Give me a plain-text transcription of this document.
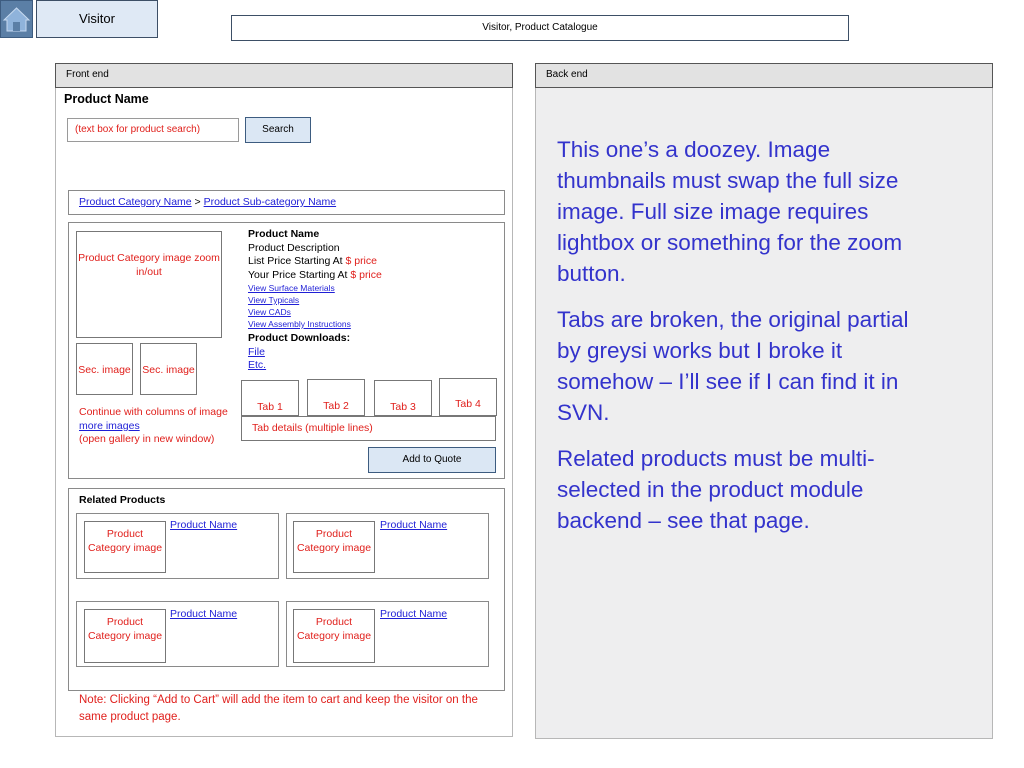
Visitor
Visitor, Product Catalogue
Front end
Product Name
(text box for product search)	Search
Product Category Name > Product Sub-category Name
Product Category image zoom in/out
Sec. image Sec. image
Continue with columns of image
more images
(open gallery in new window)
Product Name
Product Description
List Price Starting At $ price
Your Price Starting At $ price
View Surface Materials
View Typicals
View CADs
View Assembly Instructions
Product Downloads:
File
Etc.
Tab 1	Tab 2	Tab 3	Tab 4
Tab details (multiple lines)
Add to Quote
Related Products
Product Category image
Product Name
Product Category image
Product Name
Product Category image
Product Name
Product Category image
Product Name
Note: Clicking “Add to Cart” will add the item to cart and keep the visitor on the same product page.
Back end

This one’s a doozey. Image thumbnails must swap the full size image. Full size image requires lightbox or something for the zoom button.

Tabs are broken, the original partial by greysi works but I broke it somehow – I’ll see if I can find it in SVN.

Related products must be multi-selected in the product module backend – see that page.
